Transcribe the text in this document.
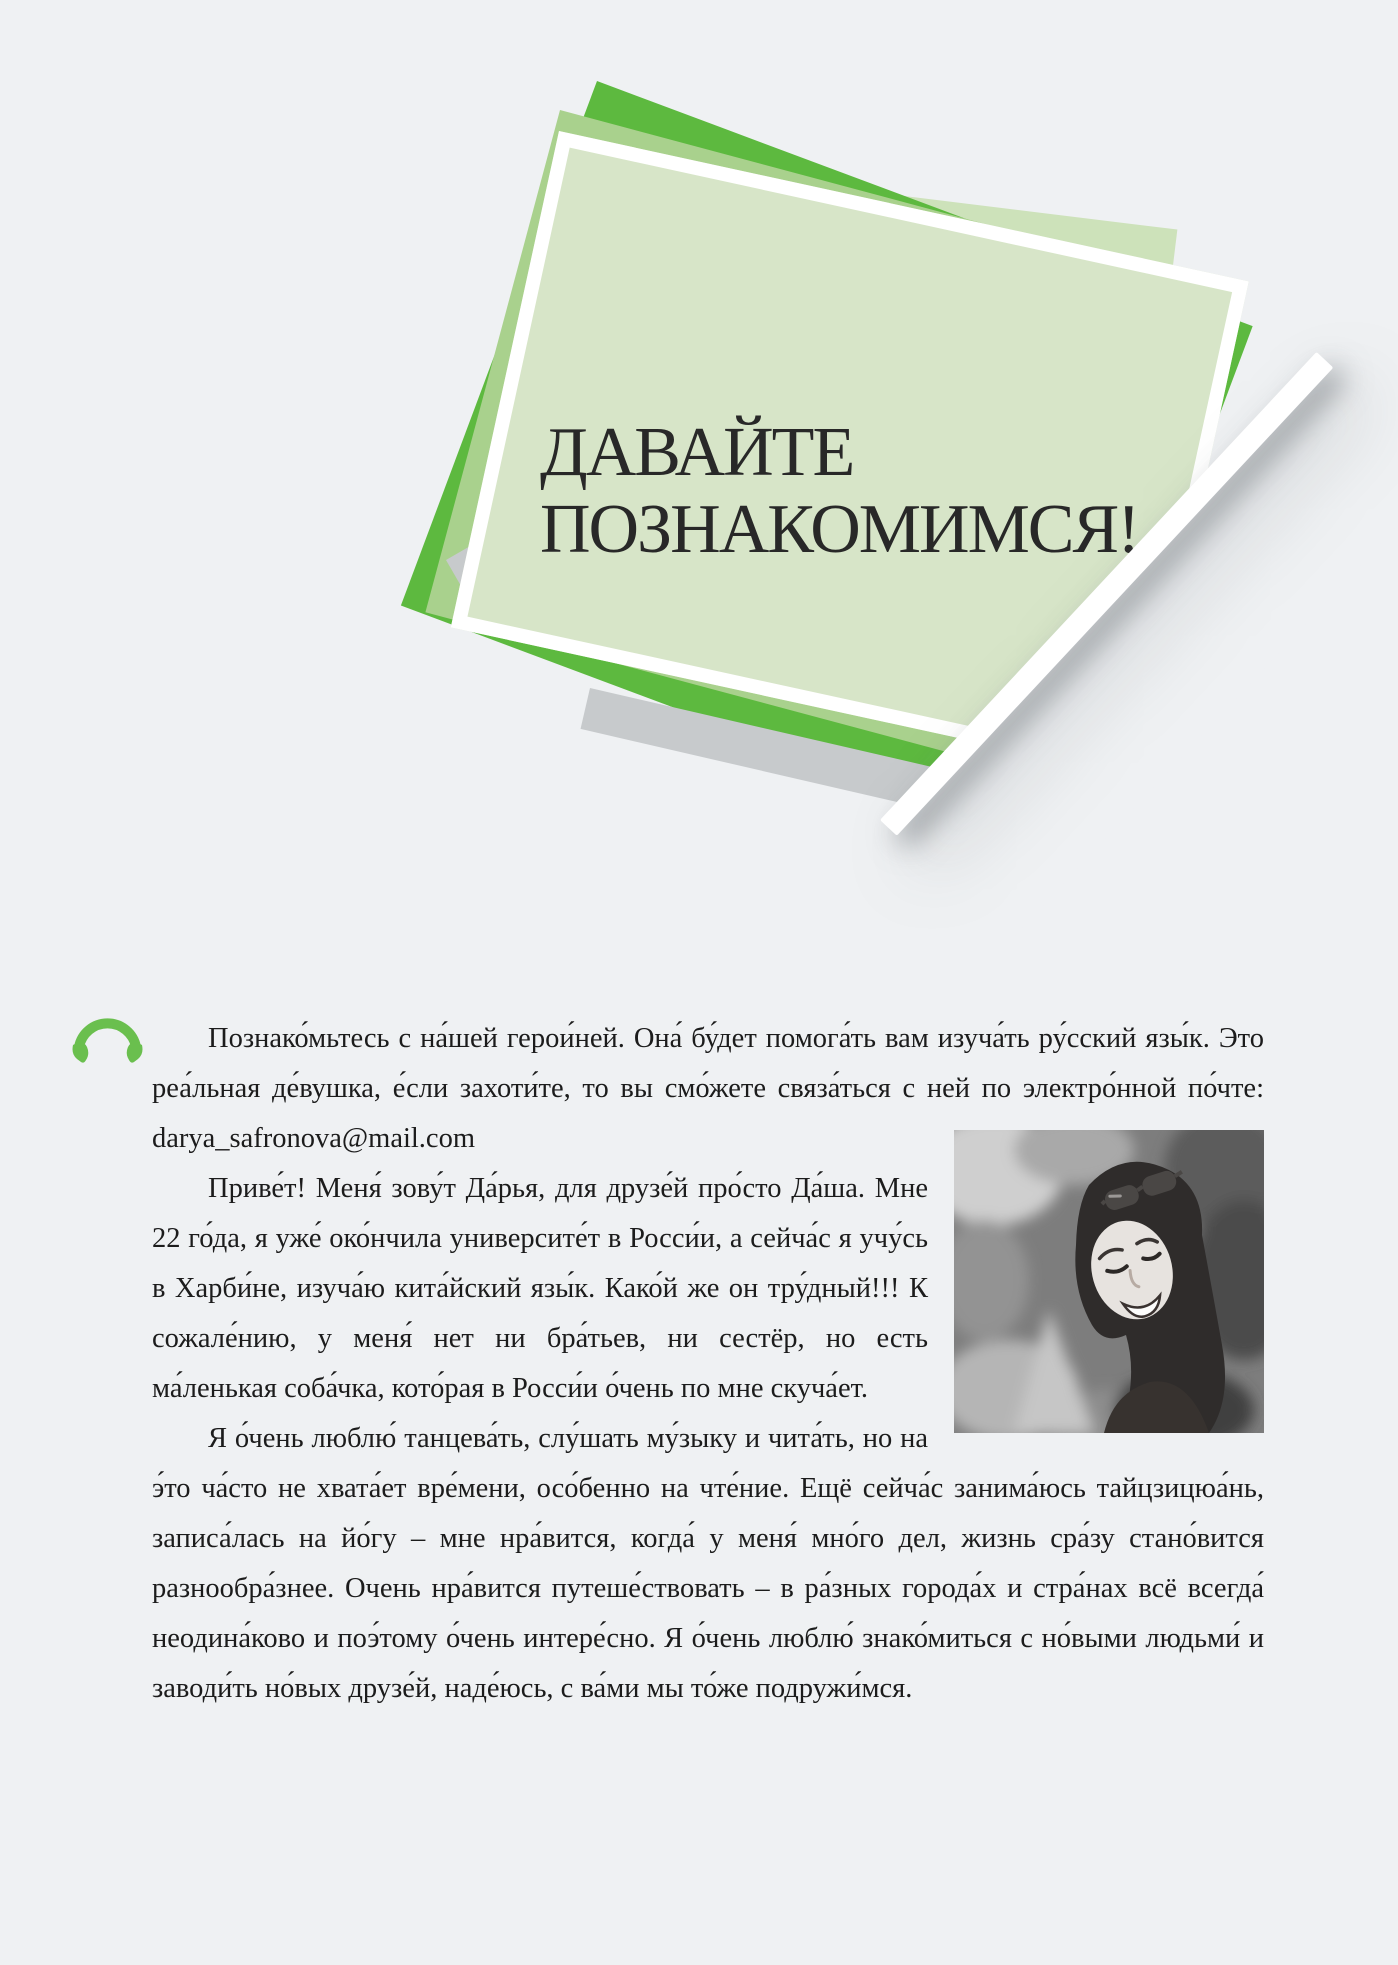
ДАВАЙТЕ
ПОЗНАКОМИМСЯ!

Познако́мьтесь с на́шей герои́ней. Она́ бу́дет помога́ть вам изуча́ть ру́сский язы́к. Это реа́льная де́вушка, е́сли захоти́те, то вы смо́жете связа́ться с ней по электро́нной по́чте: darya_safronova@mail.com

Приве́т! Меня́ зову́т Да́рья, для друзе́й про́сто Да́ша. Мне 22 го́да, я уже́ око́нчила университе́т в Росси́и, а сейча́с я учу́сь в Харби́не, изуча́ю кита́йский язы́к. Како́й же он тру́дный!!! К сожале́нию, у меня́ нет ни бра́тьев, ни сестёр, но есть ма́ленькая соба́чка, кото́рая в Росси́и о́чень по мне скуча́ет.

Я о́чень люблю́ танцева́ть, слу́шать му́зыку и чита́ть, но на э́то ча́сто не хвата́ет вре́мени, осо́бенно на чте́ние. Ещё сейча́с занима́юсь тайцзицюа́нь, записа́лась на йо́гу – мне нра́вится, когда́ у меня́ мно́го дел, жизнь сра́зу стано́вится разнообра́знее. Очень нра́вится путеше́ствовать – в ра́зных города́х и стра́нах всё всегда́ неодина́ково и поэ́тому о́чень интере́сно. Я о́чень люблю́ знако́миться с но́выми людьми́ и заводи́ть но́вых друзе́й, наде́юсь, с ва́ми мы то́же подружи́мся.
